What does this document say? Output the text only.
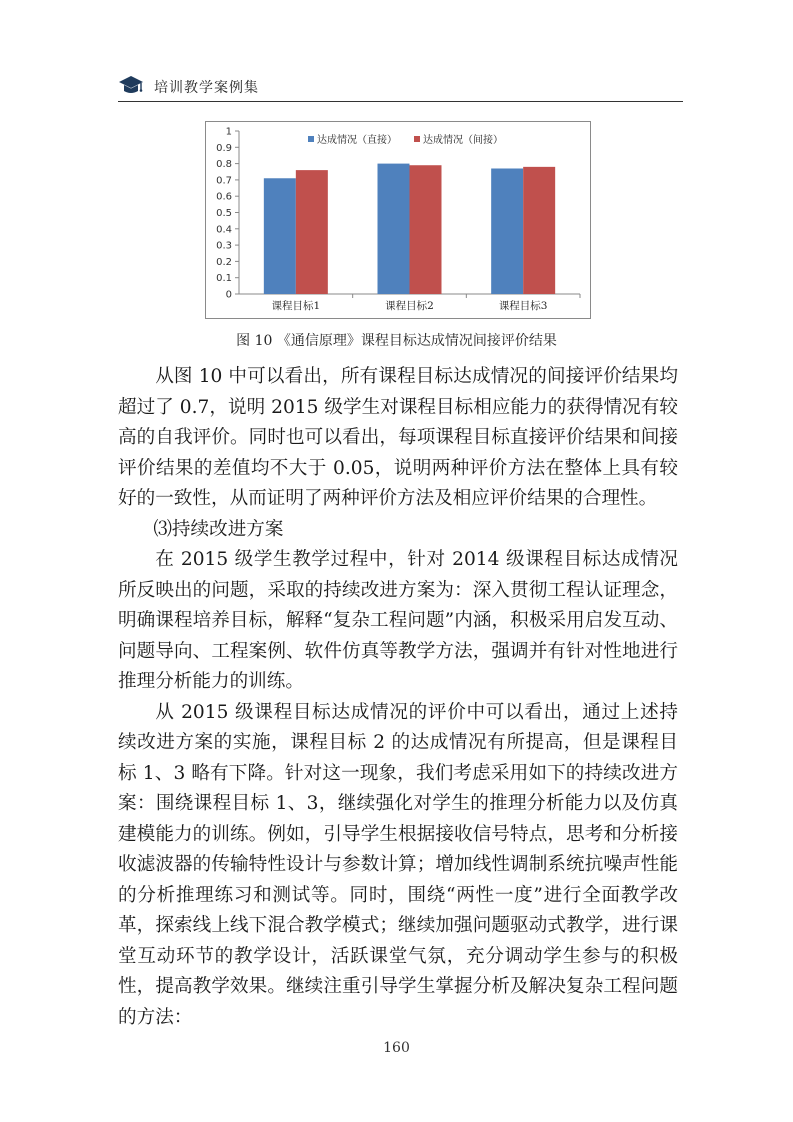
培训教学案例集
0
0.1
0.2
0.3
0.4
0.5
0.6
0.7
0.8
0.9
1
课程目标1	课程目标2	课程目标3
达成情况（直接）	达成情况（间接）
图 10 《通信原理》课程目标达成情况间接评价结果

从图 10 中可以看出，所有课程目标达成情况的间接评价结果均超过了 0.7，说明 2015 级学生对课程目标相应能力的获得情况有较高的自我评价。同时也可以看出，每项课程目标直接评价结果和间接评价结果的差值均不大于 0.05，说明两种评价方法在整体上具有较好的一致性，从而证明了两种评价方法及相应评价结果的合理性。

⑶持续改进方案

在 2015 级学生教学过程中，针对 2014 级课程目标达成情况所反映出的问题，采取的持续改进方案为：深入贯彻工程认证理念，明确课程培养目标，解释“复杂工程问题”内涵，积极采用启发互动、问题导向、工程案例、软件仿真等教学方法，强调并有针对性地进行推理分析能力的训练。

从 2015 级课程目标达成情况的评价中可以看出，通过上述持续改进方案的实施，课程目标 2 的达成情况有所提高，但是课程目标 1、3 略有下降。针对这一现象，我们考虑采用如下的持续改进方案：围绕课程目标 1、3，继续强化对学生的推理分析能力以及仿真建模能力的训练。例如，引导学生根据接收信号特点，思考和分析接收滤波器的传输特性设计与参数计算；增加线性调制系统抗噪声性能的分析推理练习和测试等。同时，围绕“两性一度”进行全面教学改革，探索线上线下混合教学模式；继续加强问题驱动式教学，进行课堂互动环节的教学设计，活跃课堂气氛，充分调动学生参与的积极性，提高教学效果。继续注重引导学生掌握分析及解决复杂工程问题的方法：

160
